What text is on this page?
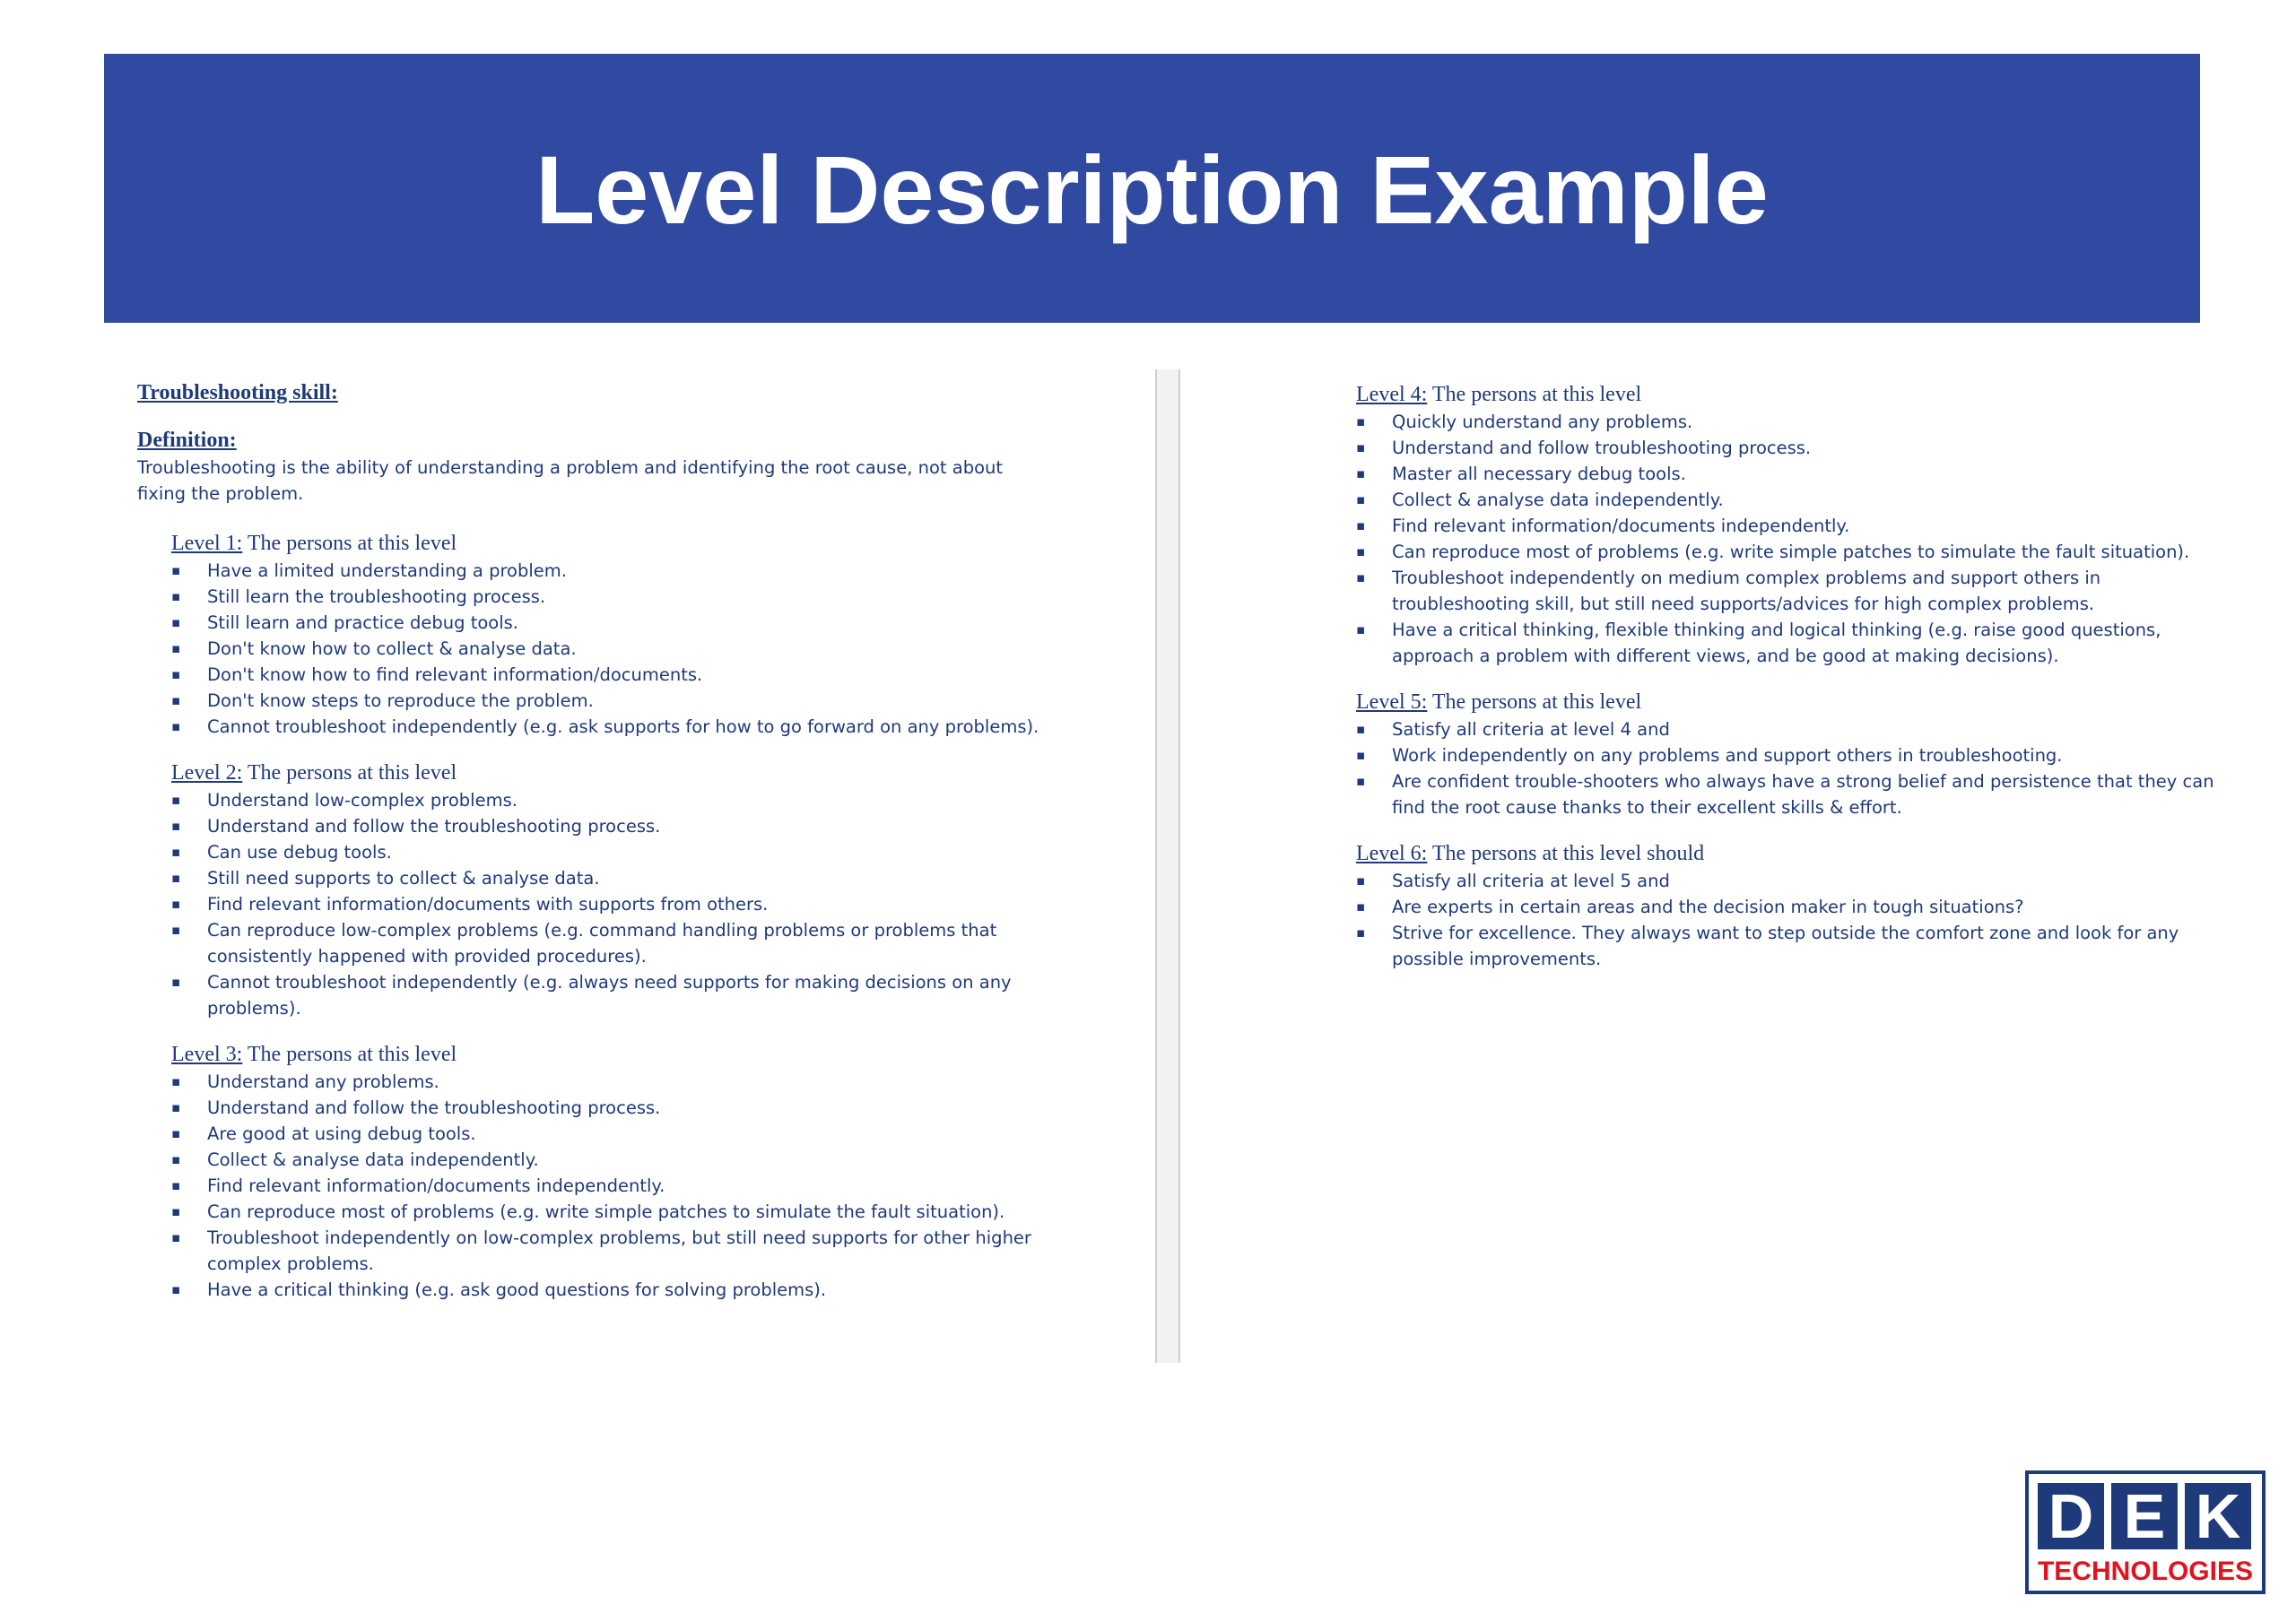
Level Description Example
Troubleshooting skill:
Definition:
Troubleshooting is the ability of understanding a problem and identifying the root cause, not about fixing the problem.
Level 1: The persons at this level
▪ Have a limited understanding a problem.
▪ Still learn the troubleshooting process.
▪ Still learn and practice debug tools.
▪ Don't know how to collect & analyse data.
▪ Don't know how to find relevant information/documents.
▪ Don't know steps to reproduce the problem.
▪ Cannot troubleshoot independently (e.g. ask supports for how to go forward on any problems).
Level 2: The persons at this level
▪ Understand low-complex problems.
▪ Understand and follow the troubleshooting process.
▪ Can use debug tools.
▪ Still need supports to collect & analyse data.
▪ Find relevant information/documents with supports from others.
▪ Can reproduce low-complex problems (e.g. command handling problems or problems that consistently happened with provided procedures).
▪ Cannot troubleshoot independently (e.g. always need supports for making decisions on any problems).
Level 3: The persons at this level
▪ Understand any problems.
▪ Understand and follow the troubleshooting process.
▪ Are good at using debug tools.
▪ Collect & analyse data independently.
▪ Find relevant information/documents independently.
▪ Can reproduce most of problems (e.g. write simple patches to simulate the fault situation).
▪ Troubleshoot independently on low-complex problems, but still need supports for other higher complex problems.
▪ Have a critical thinking (e.g. ask good questions for solving problems).
Level 4: The persons at this level
▪ Quickly understand any problems.
▪ Understand and follow troubleshooting process.
▪ Master all necessary debug tools.
▪ Collect & analyse data independently.
▪ Find relevant information/documents independently.
▪ Can reproduce most of problems (e.g. write simple patches to simulate the fault situation).
▪ Troubleshoot independently on medium complex problems and support others in troubleshooting skill, but still need supports/advices for high complex problems.
▪ Have a critical thinking, flexible thinking and logical thinking (e.g. raise good questions, approach a problem with different views, and be good at making decisions).
Level 5: The persons at this level
▪ Satisfy all criteria at level 4 and
▪ Work independently on any problems and support others in troubleshooting.
▪ Are confident trouble-shooters who always have a strong belief and persistence that they can find the root cause thanks to their excellent skills & effort.
Level 6: The persons at this level should
▪ Satisfy all criteria at level 5 and
▪ Are experts in certain areas and the decision maker in tough situations?
▪ Strive for excellence. They always want to step outside the comfort zone and look for any possible improvements.
D E K
TECHNOLOGIES
